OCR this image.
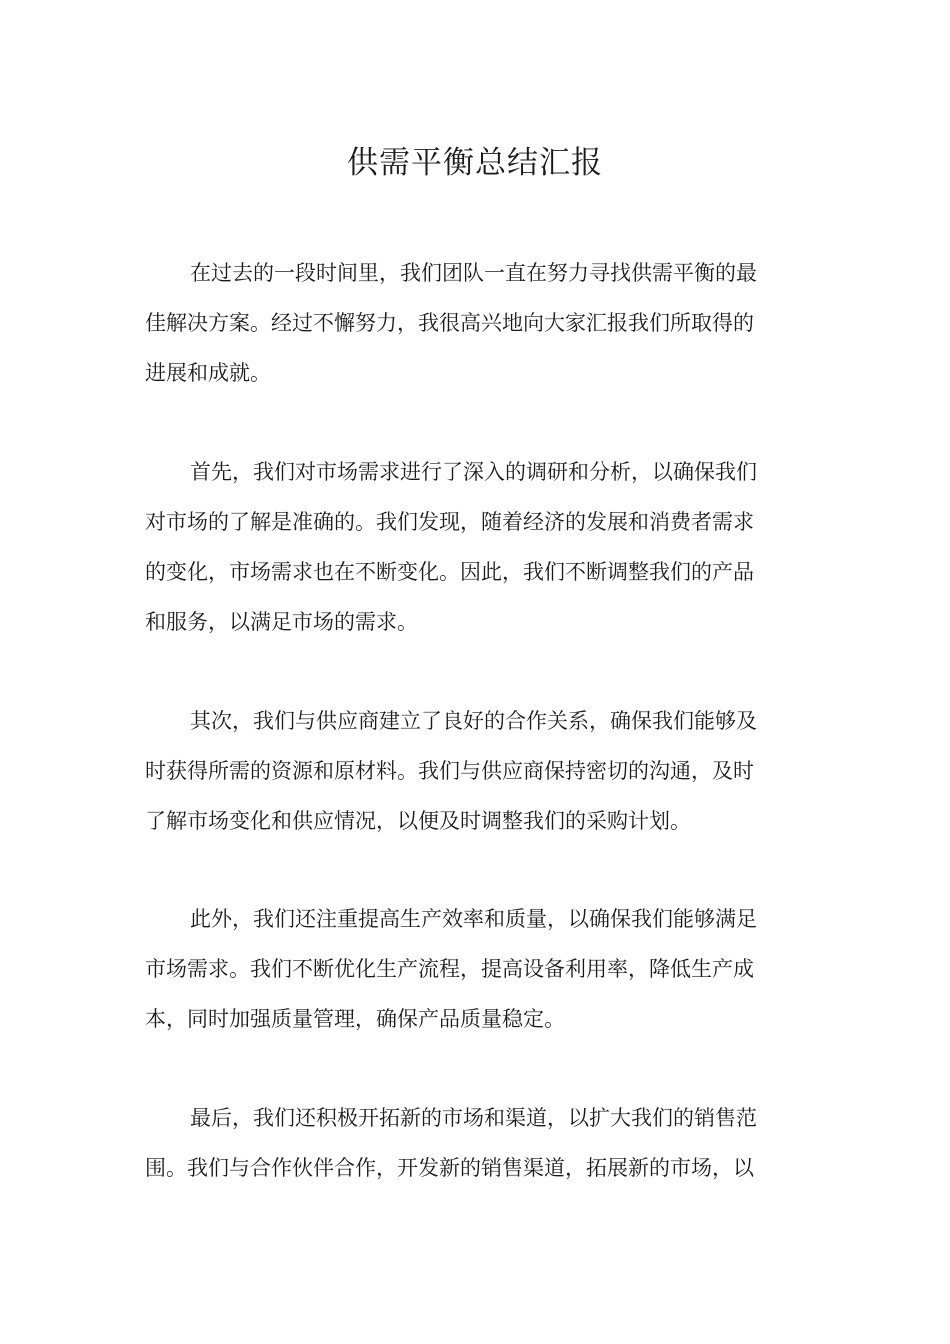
供需平衡总结汇报
在过去的一段时间里，我们团队一直在努力寻找供需平衡的最
佳解决方案。经过不懈努力，我很高兴地向大家汇报我们所取得的
进展和成就。
首先，我们对市场需求进行了深入的调研和分析，以确保我们
对市场的了解是准确的。我们发现，随着经济的发展和消费者需求
的变化，市场需求也在不断变化。因此，我们不断调整我们的产品
和服务，以满足市场的需求。
其次，我们与供应商建立了良好的合作关系，确保我们能够及
时获得所需的资源和原材料。我们与供应商保持密切的沟通，及时
了解市场变化和供应情况，以便及时调整我们的采购计划。
此外，我们还注重提高生产效率和质量，以确保我们能够满足
市场需求。我们不断优化生产流程，提高设备利用率，降低生产成
本，同时加强质量管理，确保产品质量稳定。
最后，我们还积极开拓新的市场和渠道，以扩大我们的销售范
围。我们与合作伙伴合作，开发新的销售渠道，拓展新的市场，以
